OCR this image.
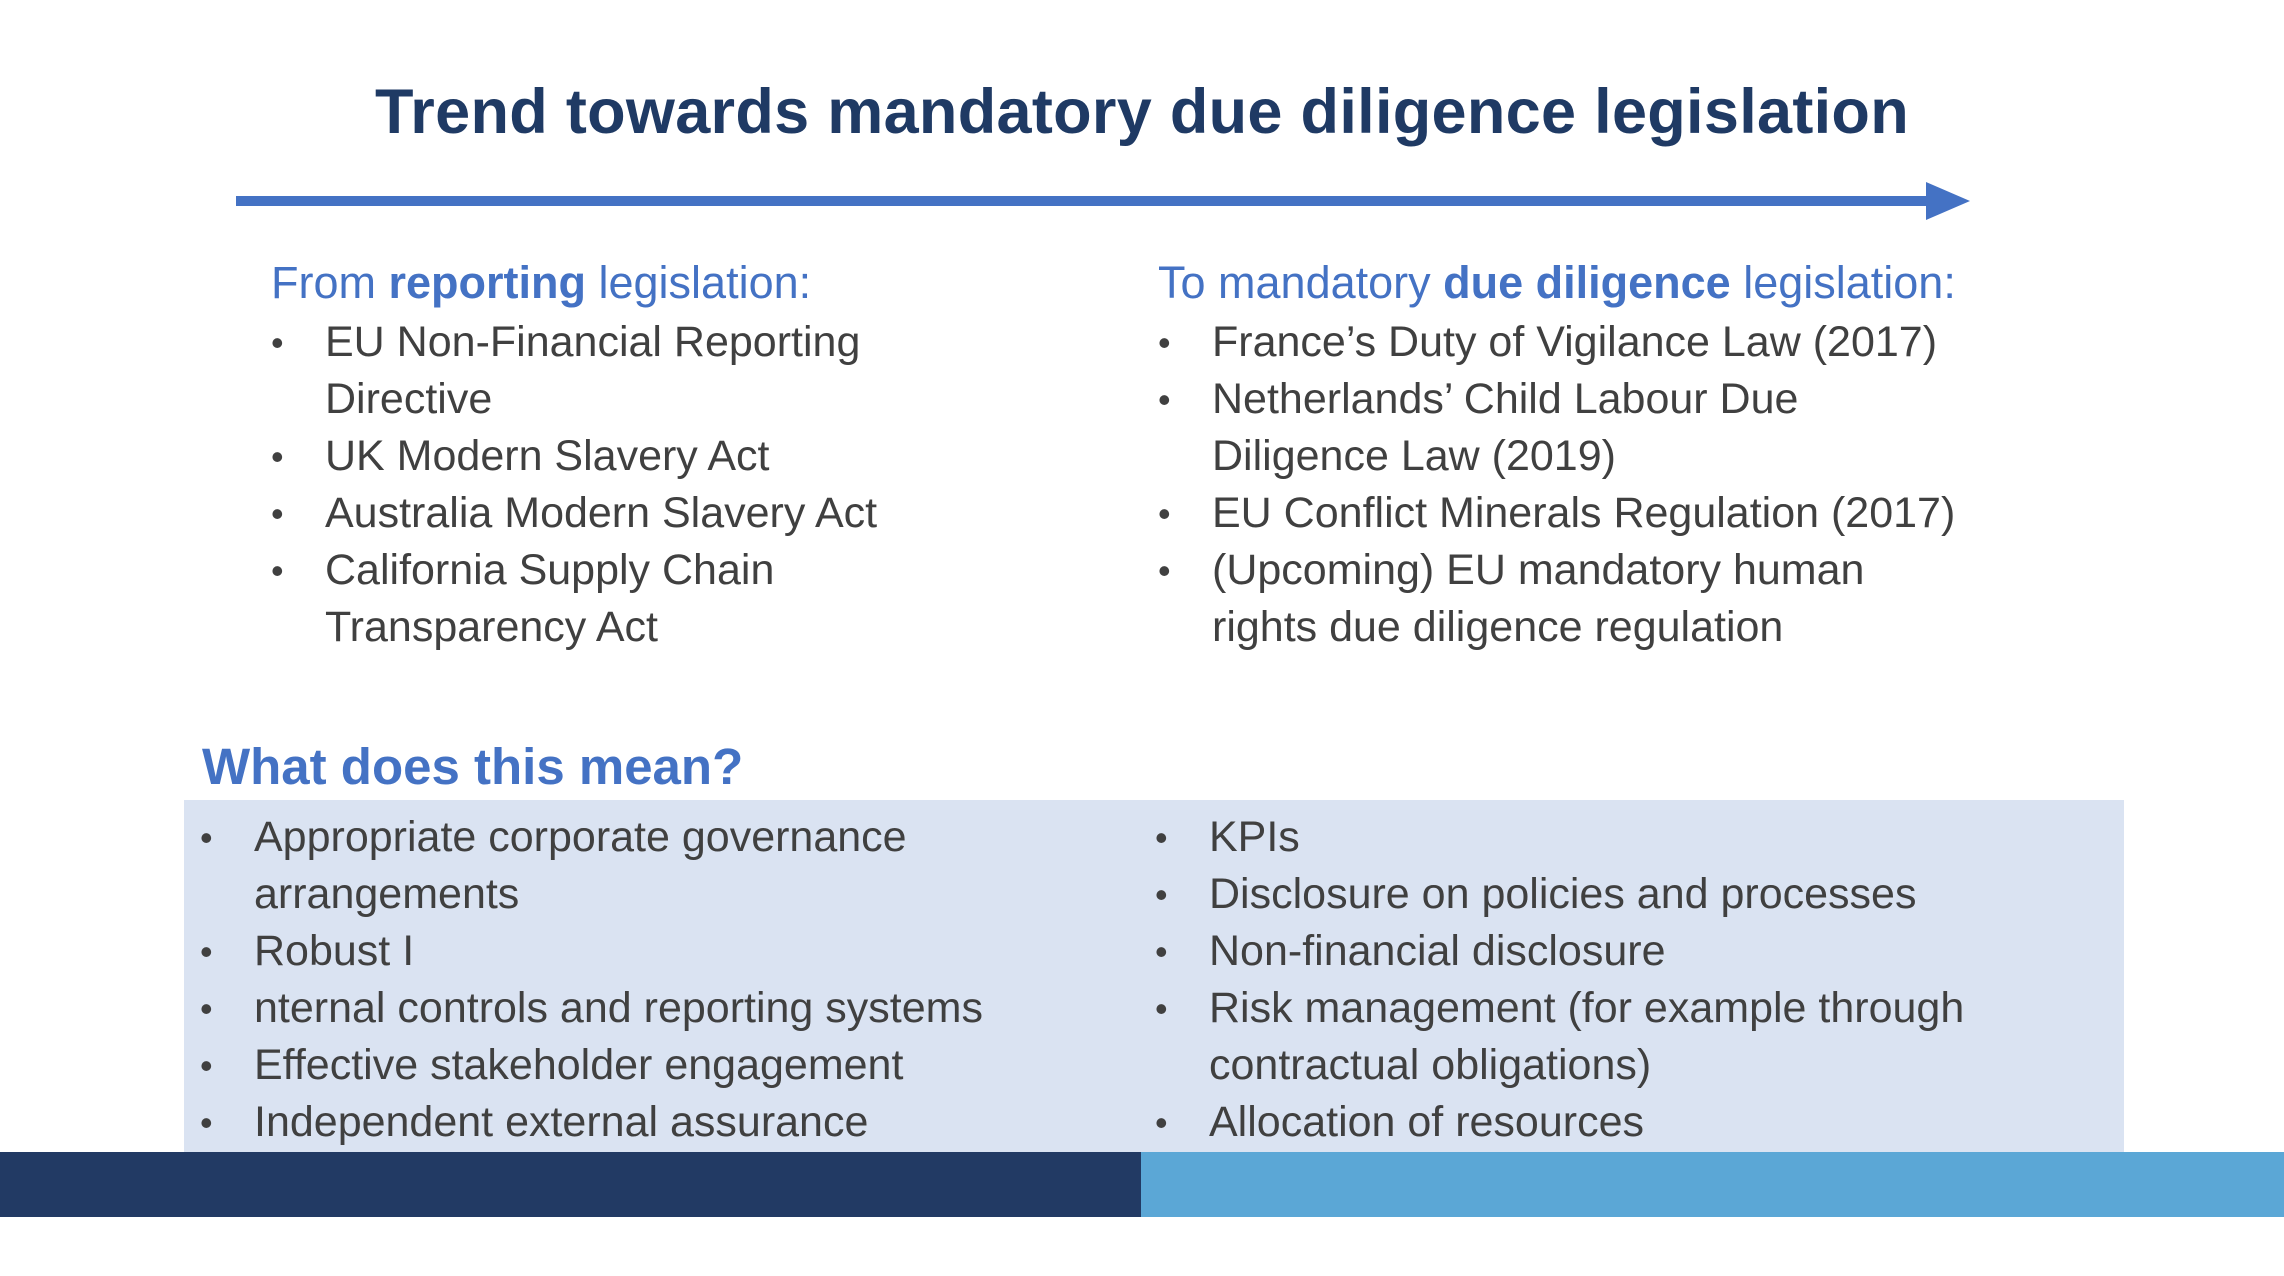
Trend towards mandatory due diligence legislation
From reporting legislation:
• EU Non-Financial Reporting
Directive
• UK Modern Slavery Act
• Australia Modern Slavery Act
• California Supply Chain
Transparency Act
To mandatory due diligence legislation:
• France’s Duty of Vigilance Law (2017)
• Netherlands’ Child Labour Due
Diligence Law (2019)
• EU Conflict Minerals Regulation (2017)
• (Upcoming) EU mandatory human
rights due diligence regulation
What does this mean?
• Appropriate corporate governance
arrangements
• Robust I
• nternal controls and reporting systems
• Effective stakeholder engagement
• Independent external assurance
• KPIs
• Disclosure on policies and processes
• Non-financial disclosure
• Risk management (for example through
contractual obligations)
• Allocation of resources
